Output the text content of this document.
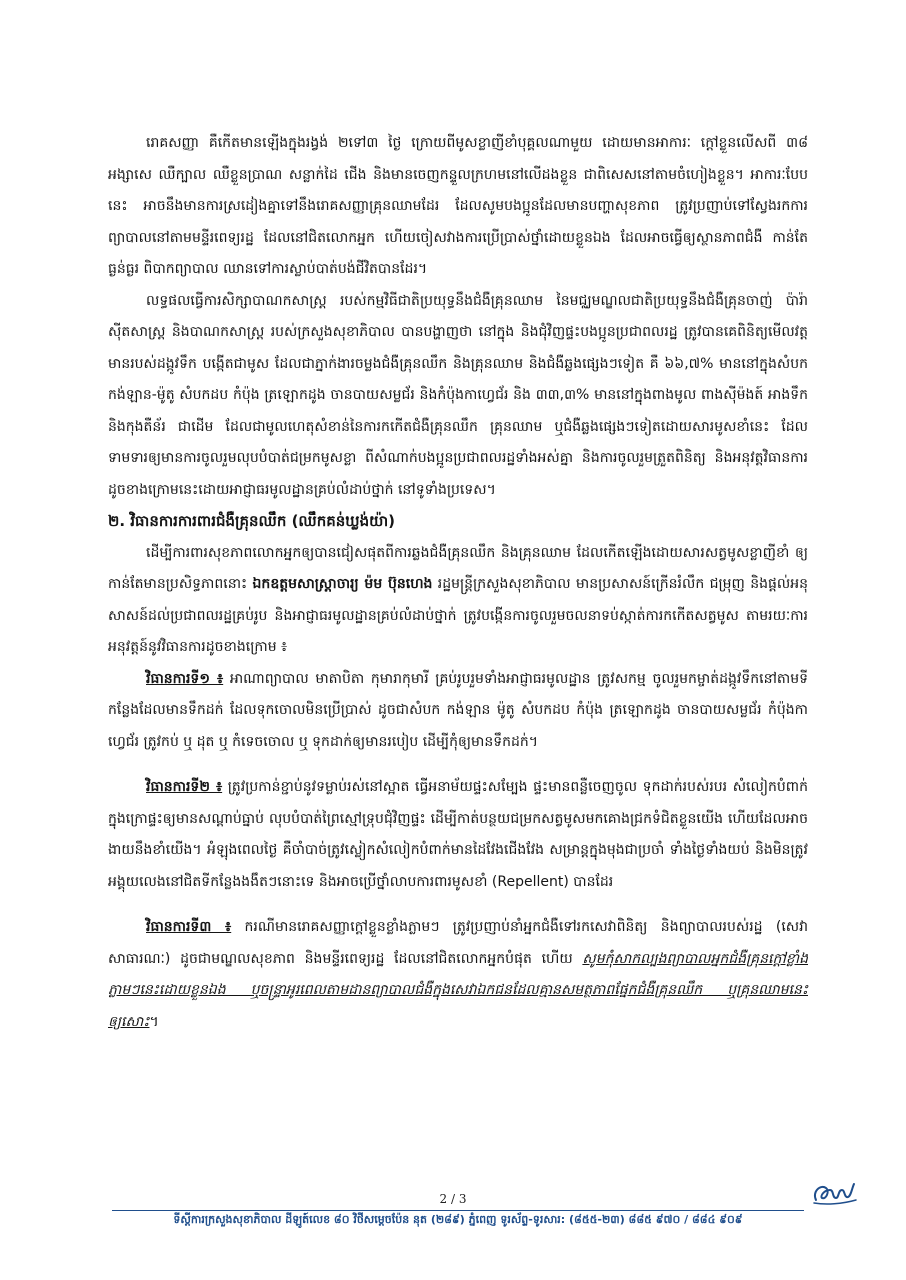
រោគសញ្ញា គឺកើតមានឡើងក្នុងរង្វង់ ២ទៅ៣ ថ្ងៃ ក្រោយពីមូសខ្លាញីខាំបុគ្គលណាមួយ ដោយមានអាការៈ ក្តៅខ្លួនលើសពី ៣៨ អង្សាសេ ឈឺក្បាល ឈឺខ្លួនប្រាណ សន្លាក់ដៃ ជើង និងមានចេញកន្ទួលក្រហមនៅលើដងខ្លួន ជាពិសេសនៅតាមចំហៀងខ្លួន។ អាការៈបែបនេះ អាចនឹងមានការស្រដៀងគ្នាទៅនឹងរោគសញ្ញាគ្រុនឈាមដែរ ដែលសូមបងប្អូនដែលមានបញ្ហាសុខភាព ត្រូវប្រញាប់ទៅស្វែងរកការព្យាបាលនៅតាមមន្ទីរពេទ្យរដ្ឋ ដែលនៅជិតលោកអ្នក ហើយចៀសវាងការប្រើប្រាស់ថ្នាំដោយខ្លួនឯង ដែលអាចធ្វើឲ្យស្ថានភាពជំងឺ កាន់តែធ្ងន់ធ្ងរ ពិបាកព្យាបាល ឈានទៅការស្លាប់បាត់បង់ជីវិតបានដែរ។

លទ្ធផលធ្វើការសិក្សាបាណកសាស្ត្រ របស់កម្មវិធីជាតិប្រយុទ្ធនឹងជំងឺគ្រុនឈាម នៃមជ្ឈមណ្ឌលជាតិប្រយុទ្ធនឹងជំងឺគ្រុនចាញ់ ប៉ារ៉ាស៊ីតសាស្ត្រ និងបាណកសាស្ត្រ របស់ក្រសួងសុខាភិបាល បានបង្ហាញថា នៅក្នុង និងជុំវិញផ្ទះបងប្អូនប្រជាពលរដ្ឋ ត្រូវបានគេពិនិត្យមើលវត្តមានរបស់ដង្កូវទឹក បង្កើតជាមូស ដែលជាភ្នាក់ងារចម្លងជំងឺគ្រុនឈឹក និងគ្រុនឈាម និងជំងឺឆ្លងផ្សេងៗទៀត គឺ ៦៦,៧% មាននៅក្នុងសំបកកង់ឡាន-ម៉ូតូ សំបកដប កំប៉ុង ត្រឡោកដូង ចានបាយសម្លជ័រ និងកំប៉ុងកាហ្វេជ័រ និង ៣៣,៣% មាននៅក្នុងពាងមូល ពាងស៊ីម៉ងត៍ អាងទឹក និងកុងតឺន័រ ជាដើម ដែលជាមូលហេតុសំខាន់នៃការកកើតជំងឺគ្រុនឈឹក គ្រុនឈាម ឬជំងឺឆ្លងផ្សេងៗទៀតដោយសារមូសខាំនេះ ដែលទាមទារឲ្យមានការចូលរួមលុបបំបាត់ជម្រកមូសខ្លា ពីសំណាក់បងប្អូនប្រជាពលរដ្ឋទាំងអស់គ្នា និងការចូលរួមត្រួតពិនិត្យ និងអនុវត្តវិធានការដូចខាងក្រោមនេះដោយអាជ្ញាធរមូលដ្ឋានគ្រប់លំដាប់ថ្នាក់ នៅទូទាំងប្រទេស។

២. វិធានការការពារជំងឺគ្រុនឈឹក (ឈឹកគន់ឃ្លង់យ៉ា)

ដើម្បីការពារសុខភាពលោកអ្នកឲ្យបានជៀសផុតពីការឆ្លងជំងឺគ្រុនឈឹក និងគ្រុនឈាម ដែលកើតឡើងដោយសារសត្វមូសខ្លាញីខាំ ឲ្យកាន់តែមានប្រសិទ្ធភាពនោះ ឯកឧត្តមសាស្ត្រាចារ្យ ម៉ម ប៊ុនហេង រដ្ឋមន្ត្រីក្រសួងសុខាភិបាល មានប្រសាសន៍ក្រើនរំលឹក ជម្រុញ និងផ្តល់អនុសាសន៍ដល់ប្រជាពលរដ្ឋគ្រប់រូប និងអាជ្ញាធរមូលដ្ឋានគ្រប់លំដាប់ថ្នាក់ ត្រូវបង្កើនការចូលរួមចលនាទប់ស្កាត់ការកកើតសត្វមូស តាមរយៈការអនុវត្តន៍នូវវិធានការដូចខាងក្រោម ៖

វិធានការទី១ ៖ អាណាព្យាបាល មាតាបិតា កុមារាកុមារី គ្រប់រូបរួមទាំងអាជ្ញាធរមូលដ្ឋាន ត្រូវសកម្ម ចូលរួមកម្ចាត់ដង្កូវទឹកនៅតាមទីកន្លែងដែលមានទឹកដក់ ដែលទុកចោលមិនប្រើប្រាស់ ដូចជាសំបក កង់ឡាន ម៉ូតូ សំបកដប កំប៉ុង ត្រឡោកដូង ចានបាយសម្លជ័រ កំប៉ុងកាហ្វេជ័រ ត្រូវកប់ ឬ ដុត ឬ កំទេចចោល ឬ ទុកដាក់ឲ្យមានរបៀប ដើម្បីកុំឲ្យមានទឹកដក់។

វិធានការទី២ ៖ ត្រូវប្រកាន់ខ្ជាប់នូវទម្លាប់រស់នៅស្អាត ធ្វើអនាម័យផ្ទះសម្បែង ផ្ទះមានពន្លឺចេញចូល ទុកដាក់របស់របរ សំលៀកបំពាក់ក្នុងក្រោផ្ទះឲ្យមានសណ្តាប់ធ្នាប់ លុបបំបាត់ព្រៃស្មៅទ្រុបជុំវិញផ្ទះ ដើម្បីកាត់បន្ថយជម្រកសត្វមូសមកគោងជ្រកទំជិតខ្លួនយើង ហើយដែលអាចងាយនឹងខាំយើង។ អំឡុងពេលថ្ងៃ គឺចាំបាច់ត្រូវស្លៀកសំលៀកបំពាក់មានដៃវែងជើងវែង សម្រាន្តក្នុងមុងជាប្រចាំ ទាំងថ្ងៃទាំងយប់ និងមិនត្រូវអង្គុយលេងនៅជិតទីកន្លែងងងឹតៗនោះទេ និងអាចប្រើថ្នាំលាបការពារមូសខាំ (Repellent) បានដែរ

វិធានការទី៣ ៖ ករណីមានរោគសញ្ញាក្តៅខ្លួនខ្លាំងភ្លាមៗ ត្រូវប្រញាប់នាំអ្នកជំងឺទៅរកសេវាពិនិត្យ និងព្យាបាលរបស់រដ្ឋ (សេវាសាធារណៈ) ដូចជាមណ្ឌលសុខភាព និងមន្ទីរពេទ្យរដ្ឋ ដែលនៅជិតលោកអ្នកបំផុត ហើយ សូមកុំសាកល្បងព្យាបាលអ្នកជំងឺគ្រុនក្តៅខ្លាំងភ្លាមៗនេះដោយខ្លួនឯង ឬចន្ទ្រាអូរពេលតាមដានព្យាបាលជំងឺក្នុងសេវាឯកជនដែលគ្មានសមត្ថភាពផ្នែកជំងឺគ្រុនឈឹក ឬគ្រុនឈាមនេះឲ្យសោះ។

2 / 3
ទីស្តីការក្រសួងសុខាភិបាល ដីឡូត៍លេខ ៨០ វិថីសម្តេចប៉ែន នុត (២៨៩) ភ្នំពេញ ទូរស័ព្ទ-ទូរសារ: (៨៥៥-២៣) ៨៨៥ ៩៧០ / ៨៨៤ ៩០៩
